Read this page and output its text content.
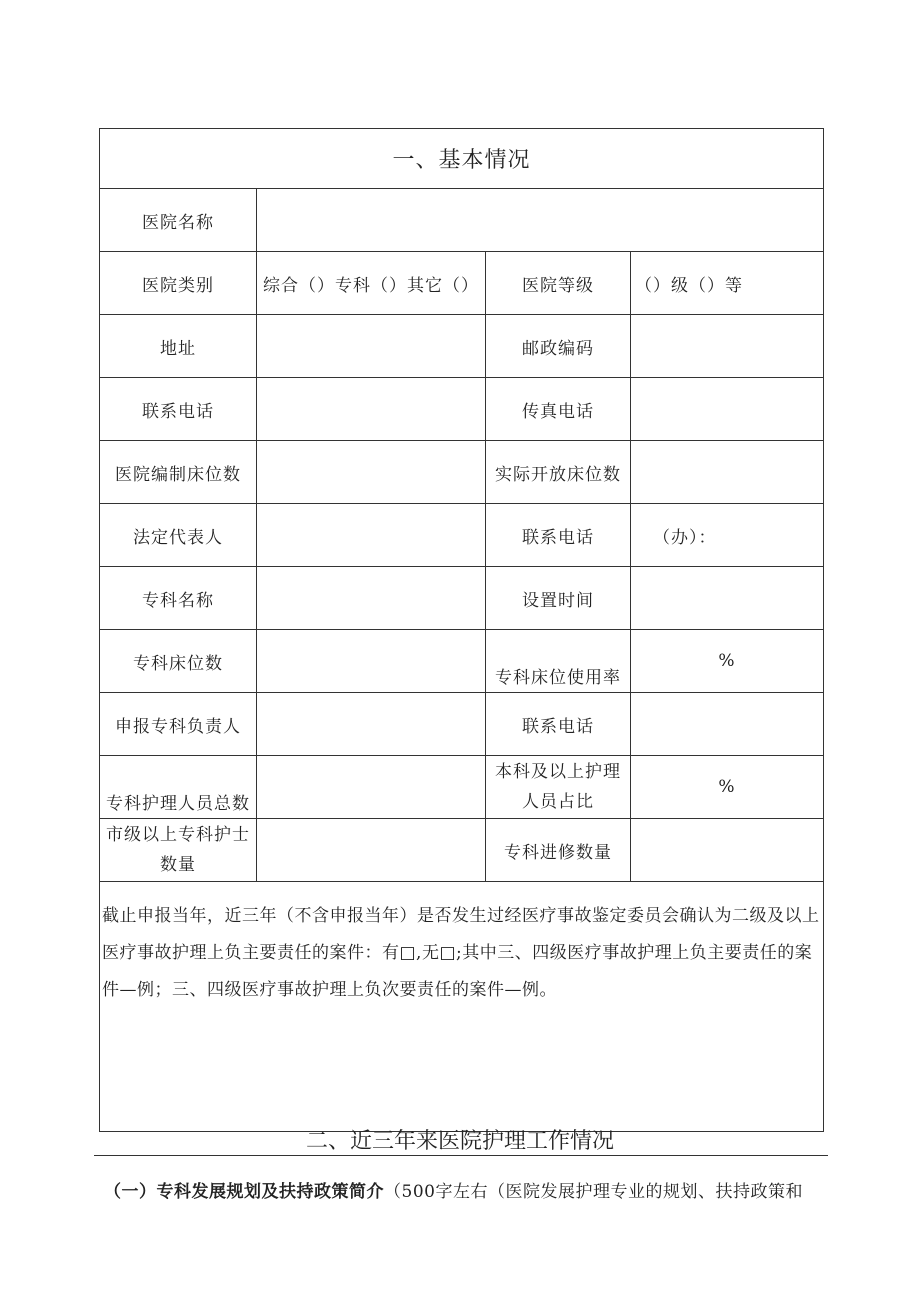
一、基本情况			
医院名称			
医院类别	综合（）专科（）其它（）	医院等级	（）级（）等
地址		邮政编码	
联系电话		传真电话	
医院编制床位数		实际开放床位数	
法定代表人		联系电话	（办）：
专科名称		设置时间	
专科床位数		专科床位使用率	%
申报专科负责人		联系电话	
专科护理人员总数		本科及以上护理
人员占比	%

市级以上专科护士
数量		专科进修数量	
截止申报当年，近三年（不含申报当年）是否发生过经医疗事故鉴定委员会确认为二级及以上医疗事故护理上负主要责任的案件：有□,无□;其中三、四级医疗事故护理上负主要责任的案件—例；三、四级医疗事故护理上负次要责任的案件—例。			
二、近三年来医院护理工作情况
（一）专科发展规划及扶持政策简介（500字左右（医院发展护理专业的规划、扶持政策和
